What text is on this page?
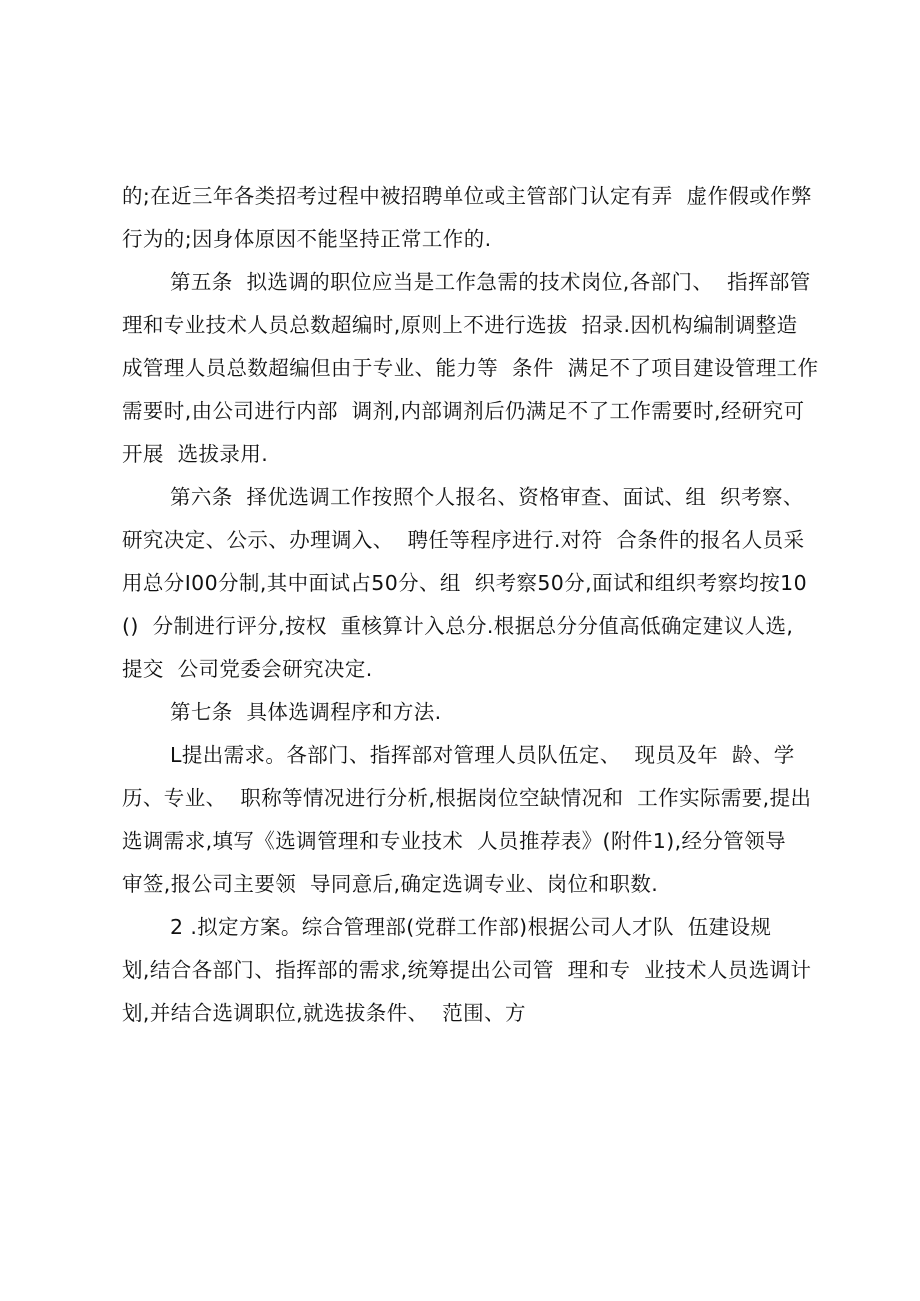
的;在近三年各类招考过程中被招聘单位或主管部门认定有弄  虚作假或作弊
行为的;因身体原因不能坚持正常工作的.
第五条  拟选调的职位应当是工作急需的技术岗位,各部门、  指挥部管
理和专业技术人员总数超编时,原则上不进行选拔  招录.因机构编制调整造
成管理人员总数超编但由于专业、能力等  条件  满足不了项目建设管理工作
需要时,由公司进行内部  调剂,内部调剂后仍满足不了工作需要时,经研究可
开展  选拔录用.
第六条  择优选调工作按照个人报名、资格审查、面试、组  织考察、
研究决定、公示、办理调入、  聘任等程序进行.对符  合条件的报名人员采
用总分I00分制,其中面试占50分、组  织考察50分,面试和组织考察均按10
()  分制进行评分,按权  重核算计入总分.根据总分分值高低确定建议人选,
提交  公司党委会研究决定.
第七条  具体选调程序和方法.
L提出需求。各部门、指挥部对管理人员队伍定、  现员及年  龄、学
历、专业、  职称等情况进行分析,根据岗位空缺情况和  工作实际需要,提出
选调需求,填写《选调管理和专业技术  人员推荐表》(附件1),经分管领导
审签,报公司主要领  导同意后,确定选调专业、岗位和职数.
2 .拟定方案。综合管理部(党群工作部)根据公司人才队  伍建设规
划,结合各部门、指挥部的需求,统筹提出公司管  理和专  业技术人员选调计
划,并结合选调职位,就选拔条件、  范围、方
